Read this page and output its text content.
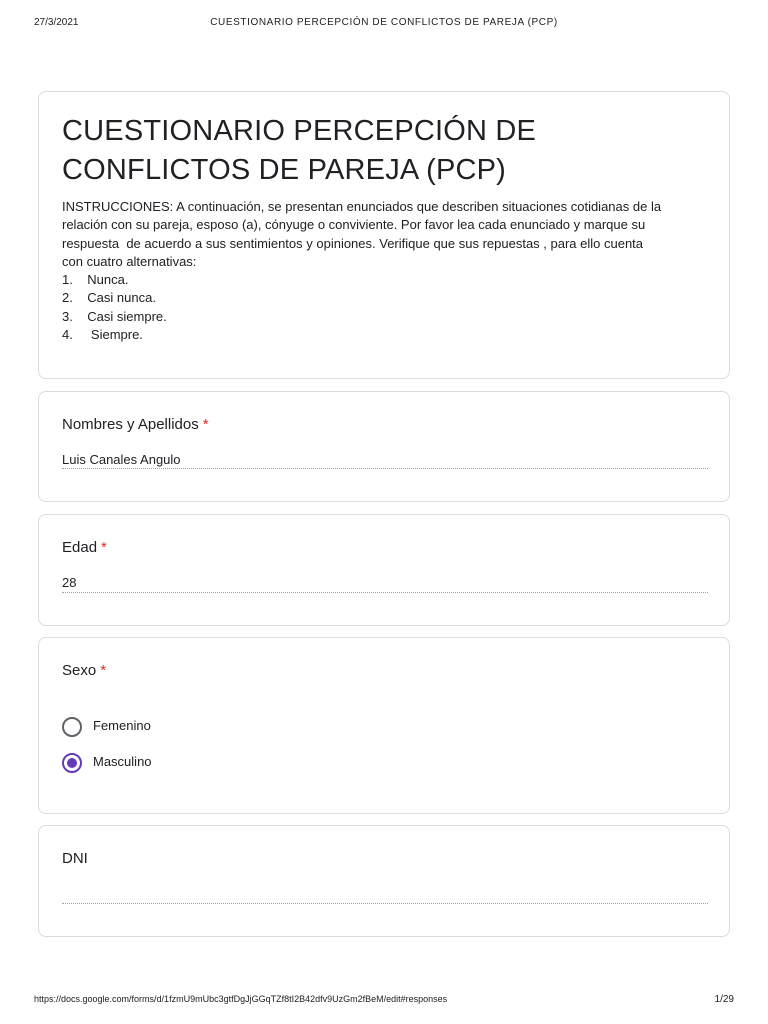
27/3/2021	CUESTIONARIO PERCEPCIÓN DE CONFLICTOS DE PAREJA (PCP)
CUESTIONARIO PERCEPCIÓN DE
CONFLICTOS DE PAREJA (PCP)
INSTRUCCIONES: A continuación, se presentan enunciados que describen situaciones cotidianas de la
relación con su pareja, esposo (a), cónyuge o conviviente. Por favor lea cada enunciado y marque su
respuesta  de acuerdo a sus sentimientos y opiniones. Verifique que sus repuestas , para ello cuenta
con cuatro alternativas:
1.    Nunca.
2.    Casi nunca.
3.    Casi siempre.
4.     Siempre.
Nombres y Apellidos *
Luis Canales Angulo
Edad *
28
Sexo *
Femenino
Masculino
DNI
https://docs.google.com/forms/d/1fzmU9mUbc3gtfDgJjGGqTZf8tI2B42dfv9UzGm2fBeM/edit#responses	1/29
